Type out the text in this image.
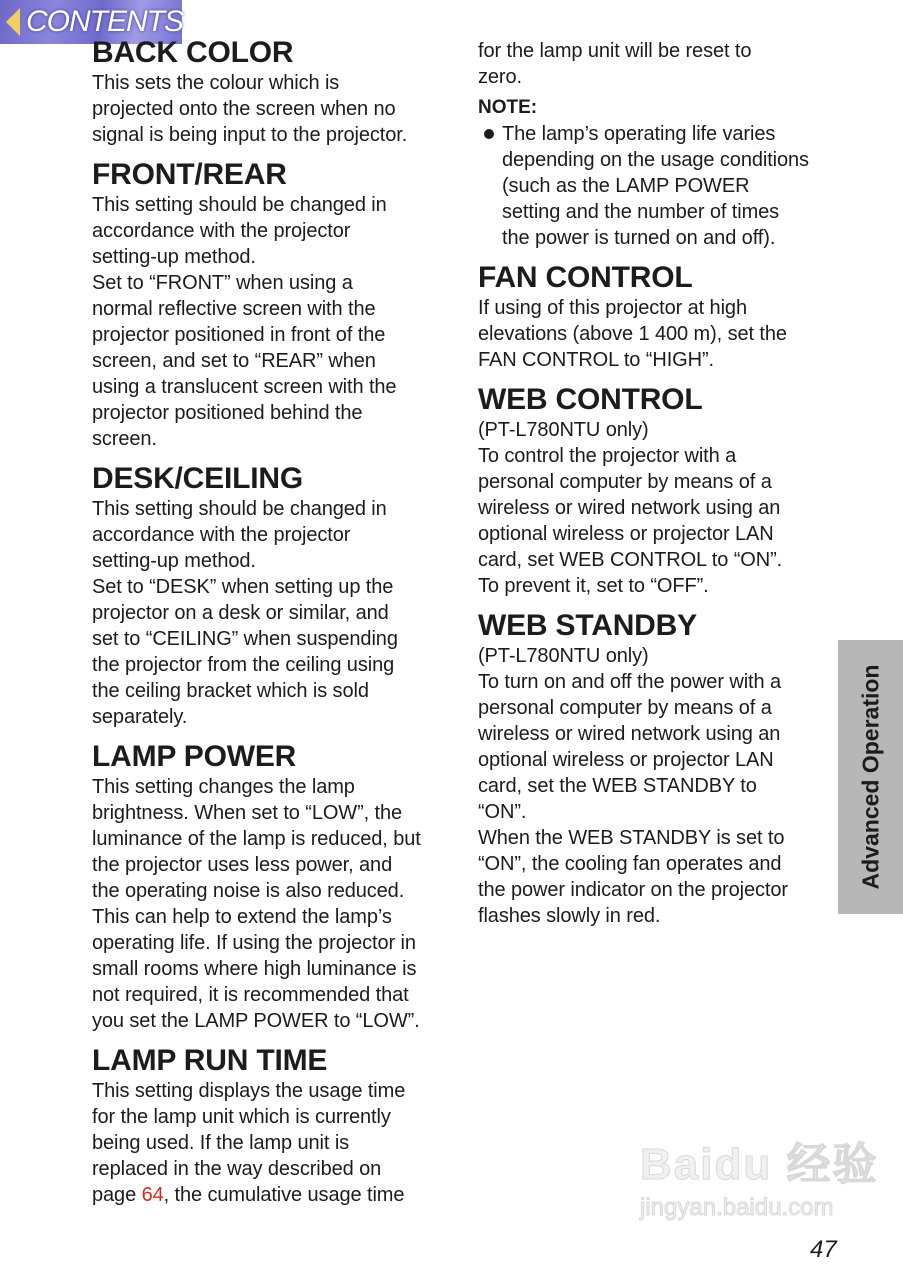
CONTENTS
BACK COLOR

This sets the colour which is
projected onto the screen when no
signal is being input to the projector.

FRONT/REAR

This setting should be changed in
accordance with the projector
setting-up method.
Set to “FRONT” when using a
normal reflective screen with the
projector positioned in front of the
screen, and set to “REAR” when
using a translucent screen with the
projector positioned behind the
screen.

DESK/CEILING

This setting should be changed in
accordance with the projector
setting-up method.
Set to “DESK” when setting up the
projector on a desk or similar, and
set to “CEILING” when suspending
the projector from the ceiling using
the ceiling bracket which is sold
separately.

LAMP POWER

This setting changes the lamp
brightness. When set to “LOW”, the
luminance of the lamp is reduced, but
the projector uses less power, and
the operating noise is also reduced.
This can help to extend the lamp’s
operating life. If using the projector in
small rooms where high luminance is
not required, it is recommended that
you set the LAMP POWER to “LOW”.

LAMP RUN TIME

This setting displays the usage time
for the lamp unit which is currently
being used. If the lamp unit is
replaced in the way described on
page 64, the cumulative usage time

for the lamp unit will be reset to
zero.

NOTE:

The lamp’s operating life varies
depending on the usage conditions
(such as the LAMP POWER
setting and the number of times
the power is turned on and off).

FAN CONTROL

If using of this projector at high
elevations (above 1 400 m), set the
FAN CONTROL to “HIGH”.

WEB CONTROL

(PT-L780NTU only)
To control the projector with a
personal computer by means of a
wireless or wired network using an
optional wireless or projector LAN
card, set WEB CONTROL to “ON”.
To prevent it, set to “OFF”.

WEB STANDBY

(PT-L780NTU only)
To turn on and off the power with a
personal computer by means of a
wireless or wired network using an
optional wireless or projector LAN
card, set the WEB STANDBY to
“ON”.
When the WEB STANDBY is set to
“ON”, the cooling fan operates and
the power indicator on the projector
flashes slowly in red.

Advanced Operation
Baidu 经验
jingyan.baidu.com
47
